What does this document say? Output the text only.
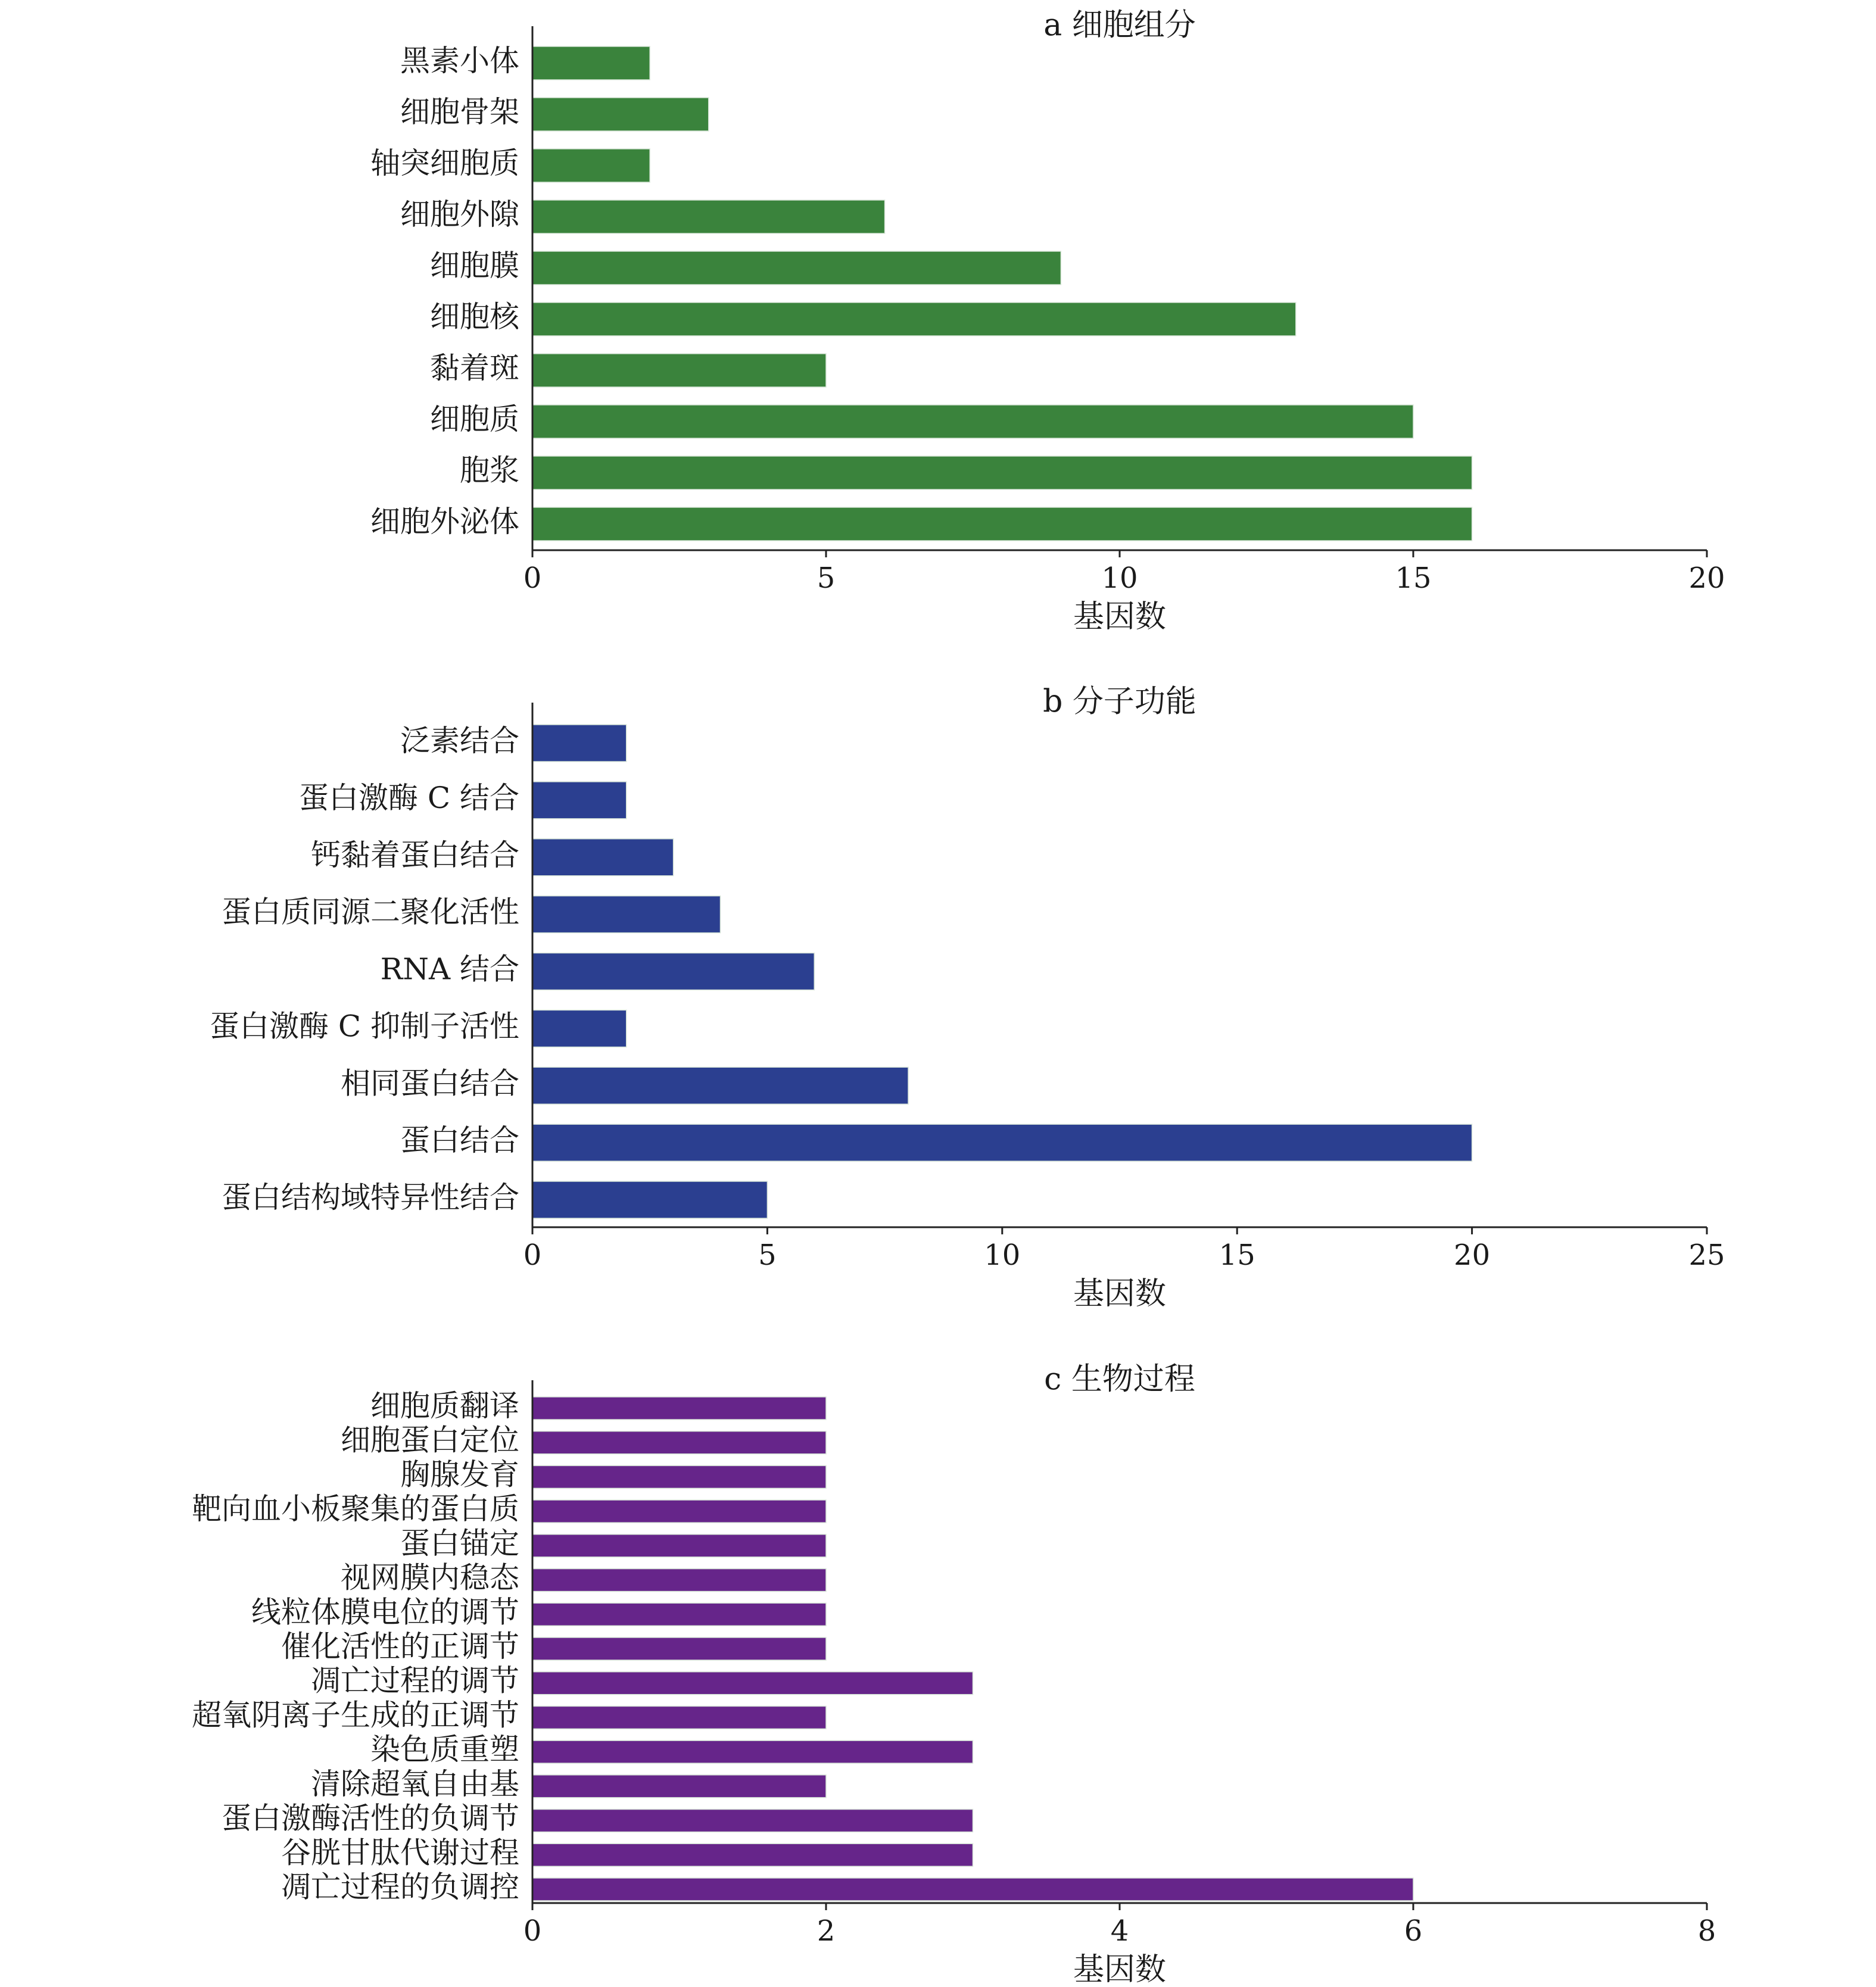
a 细胞组分
基因数
黑素小体
细胞骨架
轴突细胞质
细胞外隙
细胞膜
细胞核
黏着斑
细胞质
胞浆
细胞外泌体
0	5	10	15	20
b 分子功能
基因数
泛素结合
蛋白激酶 C 结合
钙黏着蛋白结合
蛋白质同源二聚化活性
RNA 结合
蛋白激酶 C 抑制子活性
相同蛋白结合
蛋白结合
蛋白结构域特异性结合
0	5	10	15	20	25
c 生物过程
基因数
细胞质翻译
细胞蛋白定位
胸腺发育
靶向血小板聚集的蛋白质
蛋白锚定
视网膜内稳态
线粒体膜电位的调节
催化活性的正调节
凋亡过程的调节
超氧阴离子生成的正调节
染色质重塑
清除超氧自由基
蛋白激酶活性的负调节
谷胱甘肽代谢过程
凋亡过程的负调控
0	2	4	6	8
